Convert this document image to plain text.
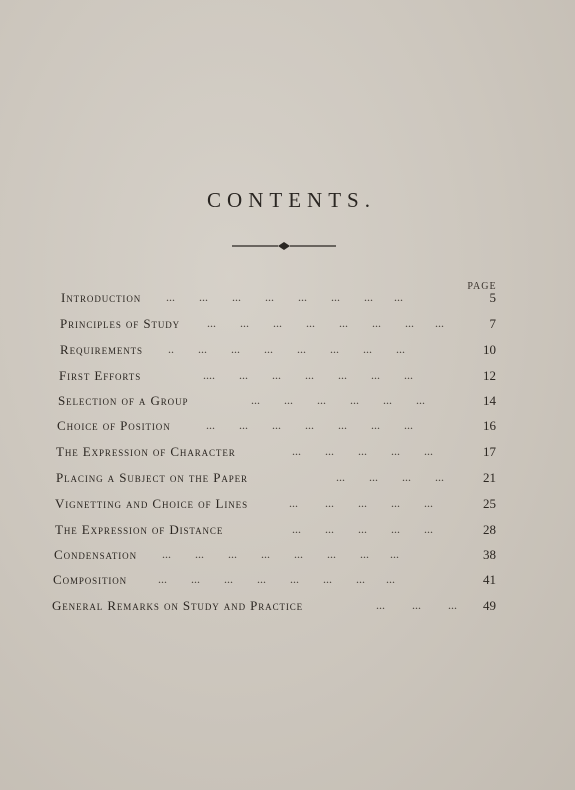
CONTENTS.
PAGE
Introduction ...        ...        ...        ...        ...        ...        ...       ...	5
Principles of Study ...        ...        ...        ...        ...        ...        ...       ...	7
Requirements ..        ...        ...        ...        ...        ...        ...        ...	10
First Efforts	....        ...        ...        ...        ...        ...        ...	12
Selection of a Group	...        ...        ...        ...        ...        ...	14
Choice of Position	...        ...        ...        ...        ...        ...        ...	16
The Expression of Character	...        ...        ...        ...        ...	17
Placing a Subject on the Paper	...        ...        ...        ...	21
Vignetting and Choice of Lines	...         ...        ...        ...        ...	25
The Expression of Distance	...        ...        ...        ...        ...	28
Condensation ...        ...        ...        ...        ...        ...        ...       ...	38
Composition	...        ...        ...        ...        ...        ...        ...       ...	41
General Remarks on Study and Practice	...         ...         ... 49
